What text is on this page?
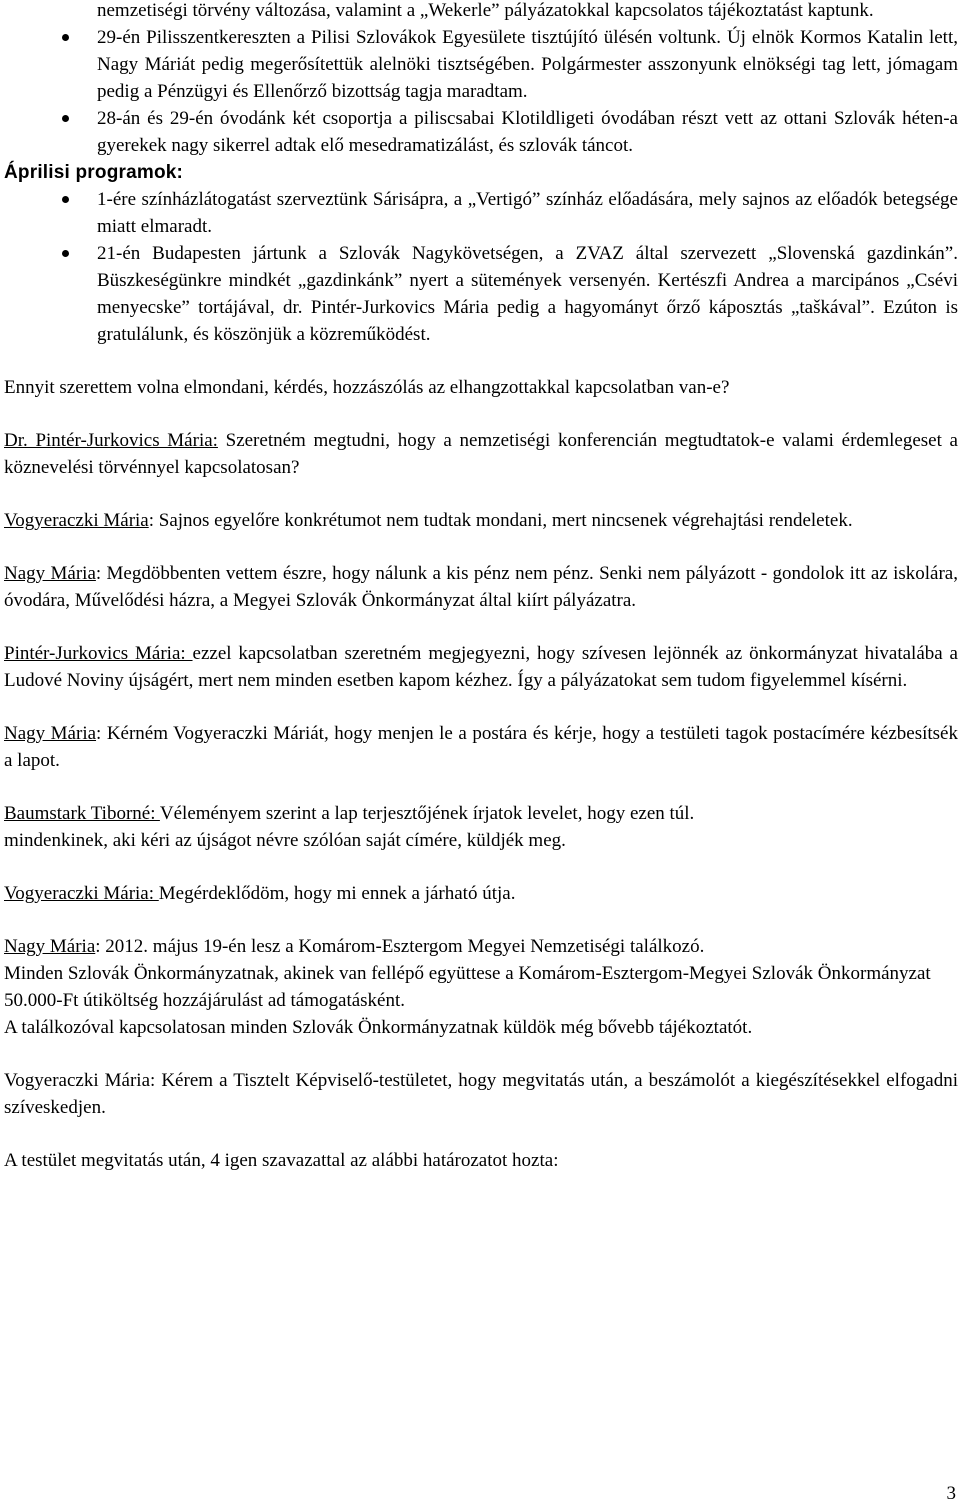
nemzetiségi törvény változása, valamint a „Wekerle” pályázatokkal kapcsolatos tájékoztatást kaptunk.
29-én Pilisszentkereszten a Pilisi Szlovákok Egyesülete tisztújító ülésén voltunk. Új elnök Kormos Katalin lett, Nagy Máriát pedig megerősítettük alelnöki tisztségében. Polgármester asszonyunk elnökségi tag lett, jómagam pedig a Pénzügyi és Ellenőrző bizottság tagja maradtam.
28-án és 29-én óvodánk két csoportja a piliscsabai Klotildligeti óvodában részt vett az ottani Szlovák héten-a gyerekek nagy sikerrel adtak elő mesedramatizálást, és szlovák táncot.
Áprilisi programok:
1-ére színházlátogatást szerveztünk Sárisápra, a „Vertigó” színház előadására, mely sajnos az előadók betegsége miatt elmaradt.
21-én Budapesten jártunk a Szlovák Nagykövetségen, a ZVAZ által szervezett „Slovenská gazdinkán”. Büszkeségünkre mindkét „gazdinkánk” nyert a sütemények versenyén. Kertészfi Andrea a marcipános „Csévi menyecske” tortájával, dr. Pintér-Jurkovics Mária pedig a hagyományt őrző káposztás „taškával”. Ezúton is gratulálunk, és köszönjük a közreműködést.

Ennyit szerettem volna elmondani, kérdés, hozzászólás az elhangzottakkal kapcsolatban van-e?

Dr. Pintér-Jurkovics Mária: Szeretném megtudni, hogy a nemzetiségi konferencián megtudtatok-e valami érdemlegeset a köznevelési törvénnyel kapcsolatosan?

Vogyeraczki Mária: Sajnos egyelőre konkrétumot nem tudtak mondani, mert nincsenek végrehajtási rendeletek.

Nagy Mária: Megdöbbenten vettem észre, hogy nálunk a kis pénz nem pénz. Senki nem pályázott - gondolok itt az iskolára, óvodára, Művelődési házra, a Megyei Szlovák Önkormányzat által kiírt pályázatra.

Pintér-Jurkovics Mária: ezzel kapcsolatban szeretném megjegyezni, hogy szívesen lejönnék az önkormányzat hivatalába a Ludové Noviny újságért, mert nem minden esetben kapom kézhez. Így a pályázatokat sem tudom figyelemmel kísérni.

Nagy Mária: Kérném Vogyeraczki Máriát, hogy menjen le a postára és kérje, hogy a testületi tagok postacímére kézbesítsék a lapot.

Baumstark Tiborné: Véleményem szerint a lap terjesztőjének írjatok levelet, hogy ezen túl.

mindenkinek, aki kéri az újságot névre szólóan saját címére, küldjék meg.

Vogyeraczki Mária: Megérdeklődöm, hogy mi ennek a járható útja.

Nagy Mária: 2012. május 19-én lesz a Komárom-Esztergom Megyei Nemzetiségi találkozó.

Minden Szlovák Önkormányzatnak, akinek van fellépő együttese a Komárom-Esztergom-Megyei Szlovák Önkormányzat 50.000-Ft útiköltség hozzájárulást ad támogatásként.

A találkozóval kapcsolatosan minden Szlovák Önkormányzatnak küldök még bővebb tájékoztatót.

Vogyeraczki Mária: Kérem a Tisztelt Képviselő-testületet, hogy megvitatás után, a beszámolót a kiegészítésekkel elfogadni szíveskedjen.

A testület megvitatás után, 4 igen szavazattal az alábbi határozatot hozta:

3
